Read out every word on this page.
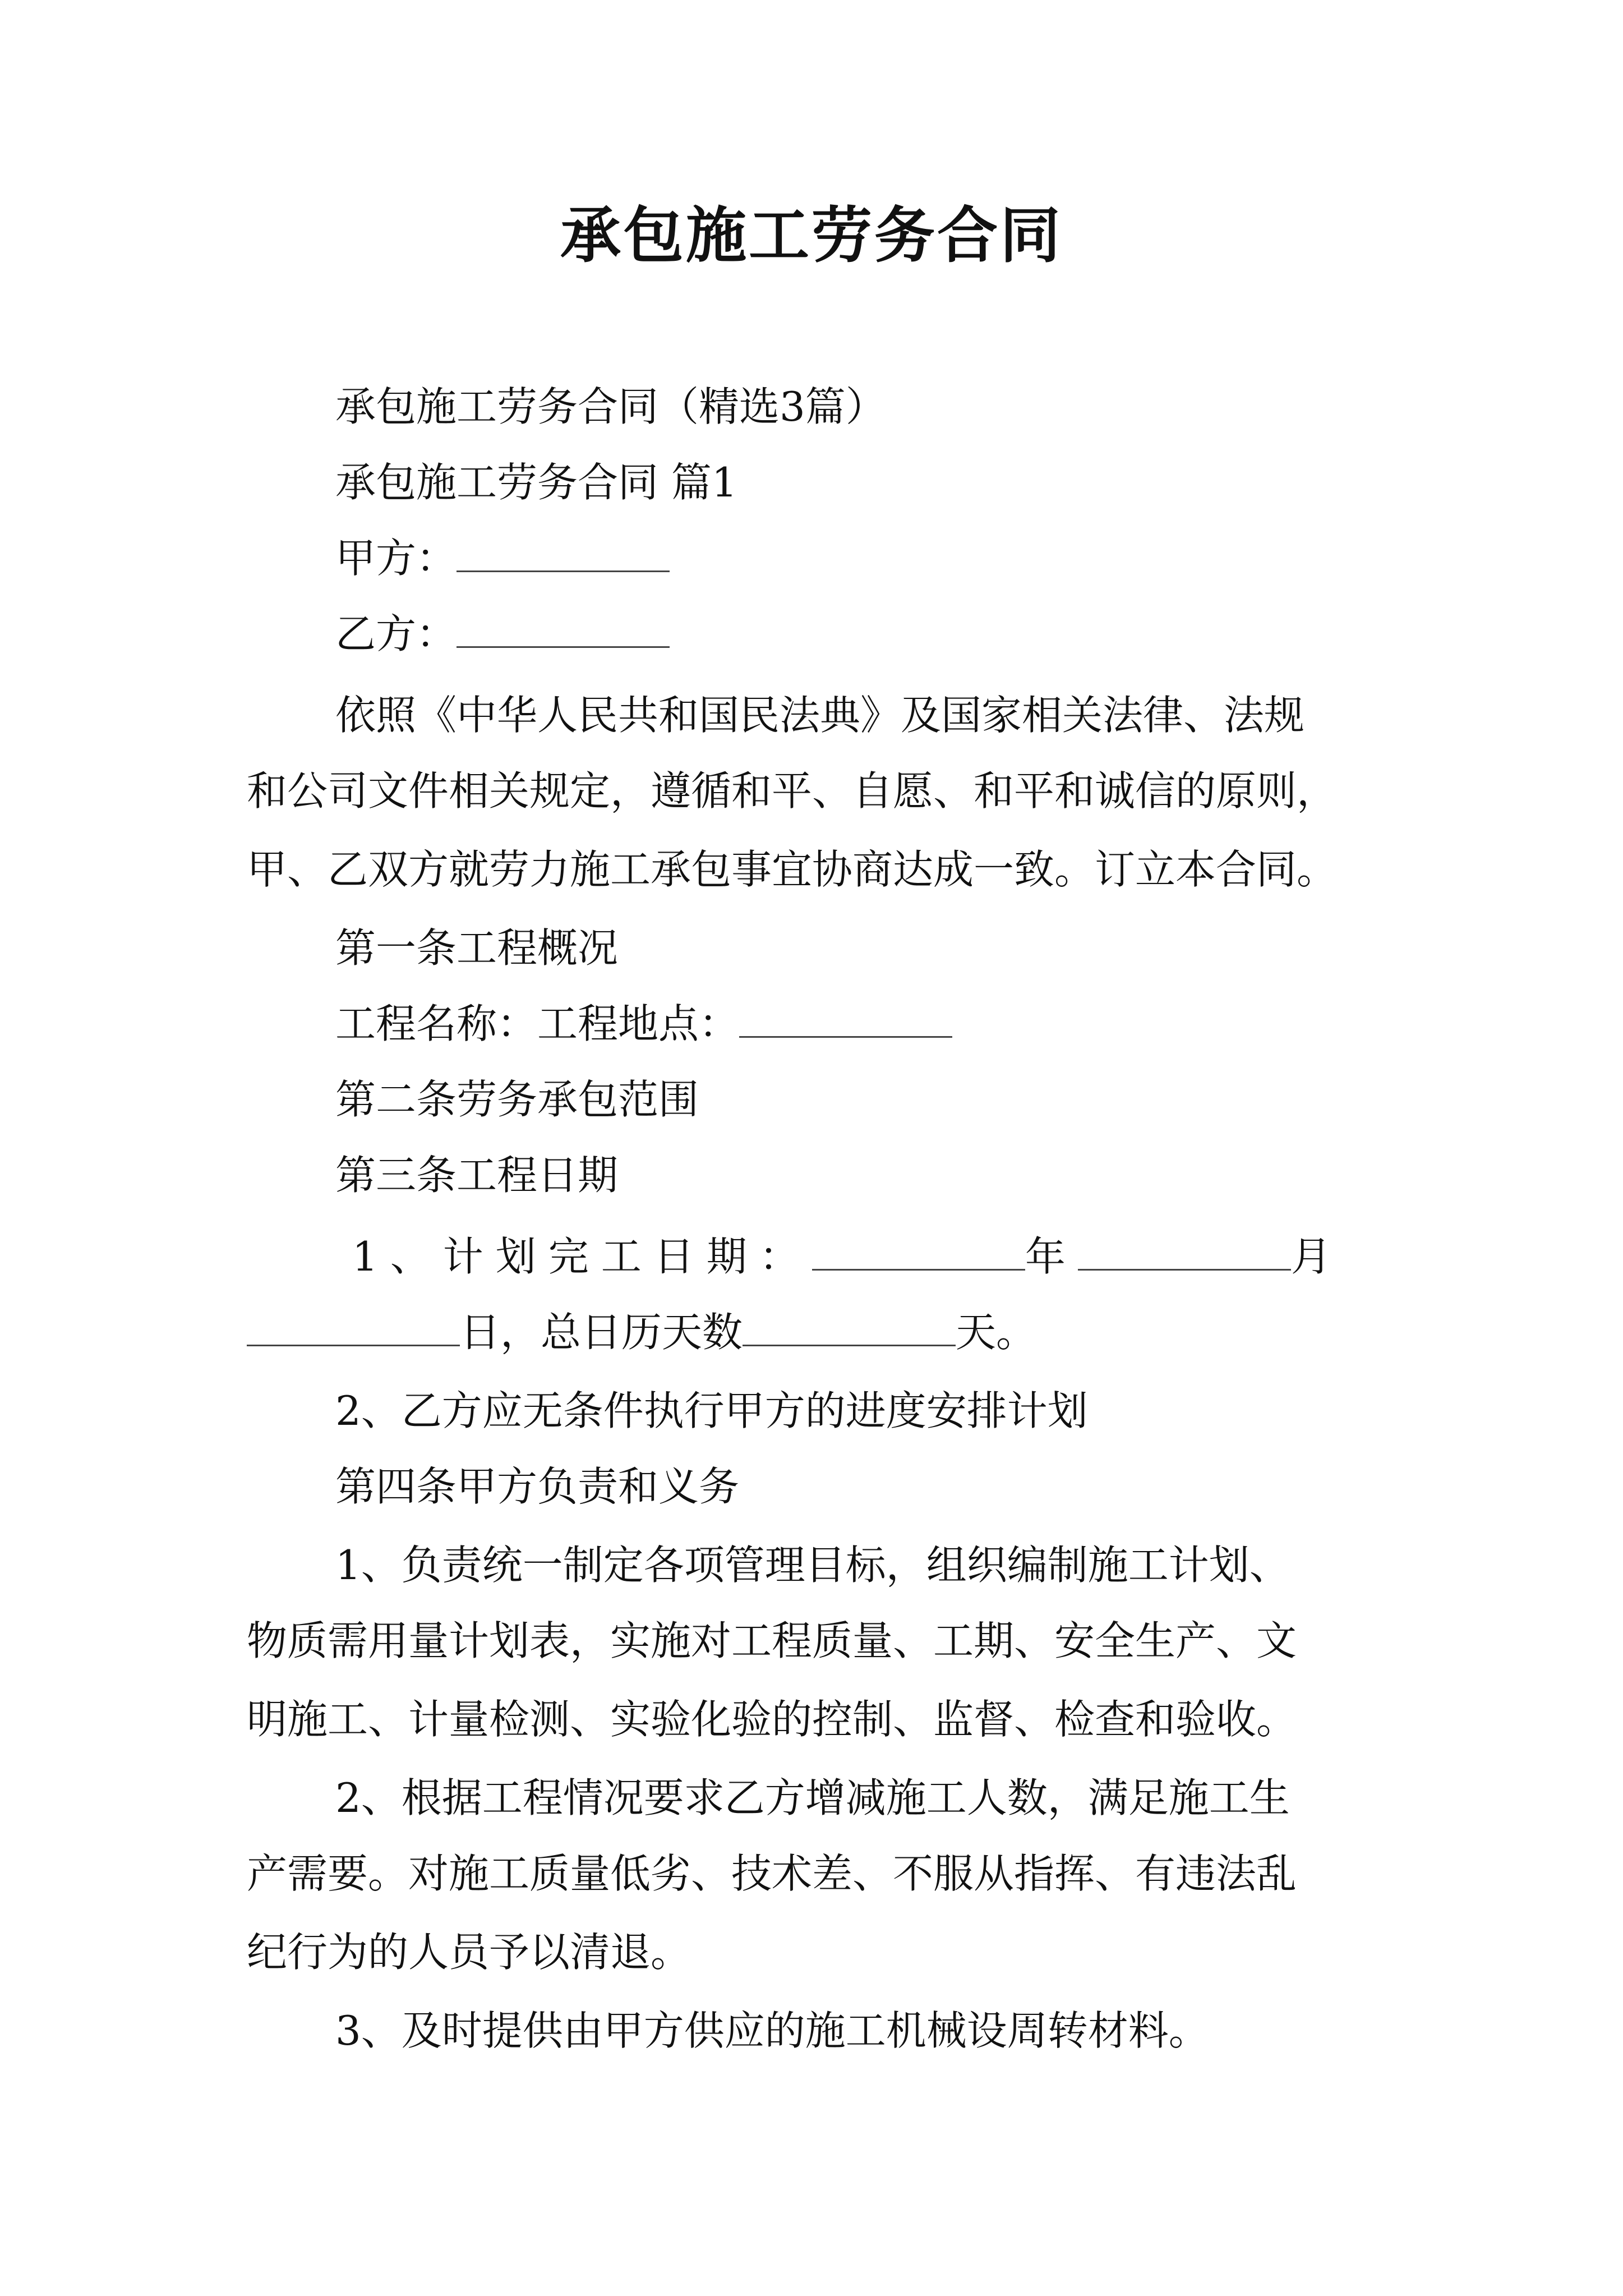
承包施工劳务合同
承包施工劳务合同（精选3篇）
承包施工劳务合同 篇1
甲方：
乙方：
依照《中华人民共和国民法典》及国家相关法律、法规
和公司文件相关规定，遵循和平、自愿、和平和诚信的原则，
甲、乙双方就劳力施工承包事宜协商达成一致。订立本合同。
第一条工程概况
工程名称：工程地点：
第二条劳务承包范围
第三条工程日期
1、计划完工日期：	年	月
日，总日历天数	天。
2、乙方应无条件执行甲方的进度安排计划
第四条甲方负责和义务
1、负责统一制定各项管理目标，组织编制施工计划、
物质需用量计划表，实施对工程质量、工期、安全生产、文
明施工、计量检测、实验化验的控制、监督、检查和验收。
2、根据工程情况要求乙方增减施工人数，满足施工生
产需要。对施工质量低劣、技术差、不服从指挥、有违法乱
纪行为的人员予以清退。
3、及时提供由甲方供应的施工机械设周转材料。
